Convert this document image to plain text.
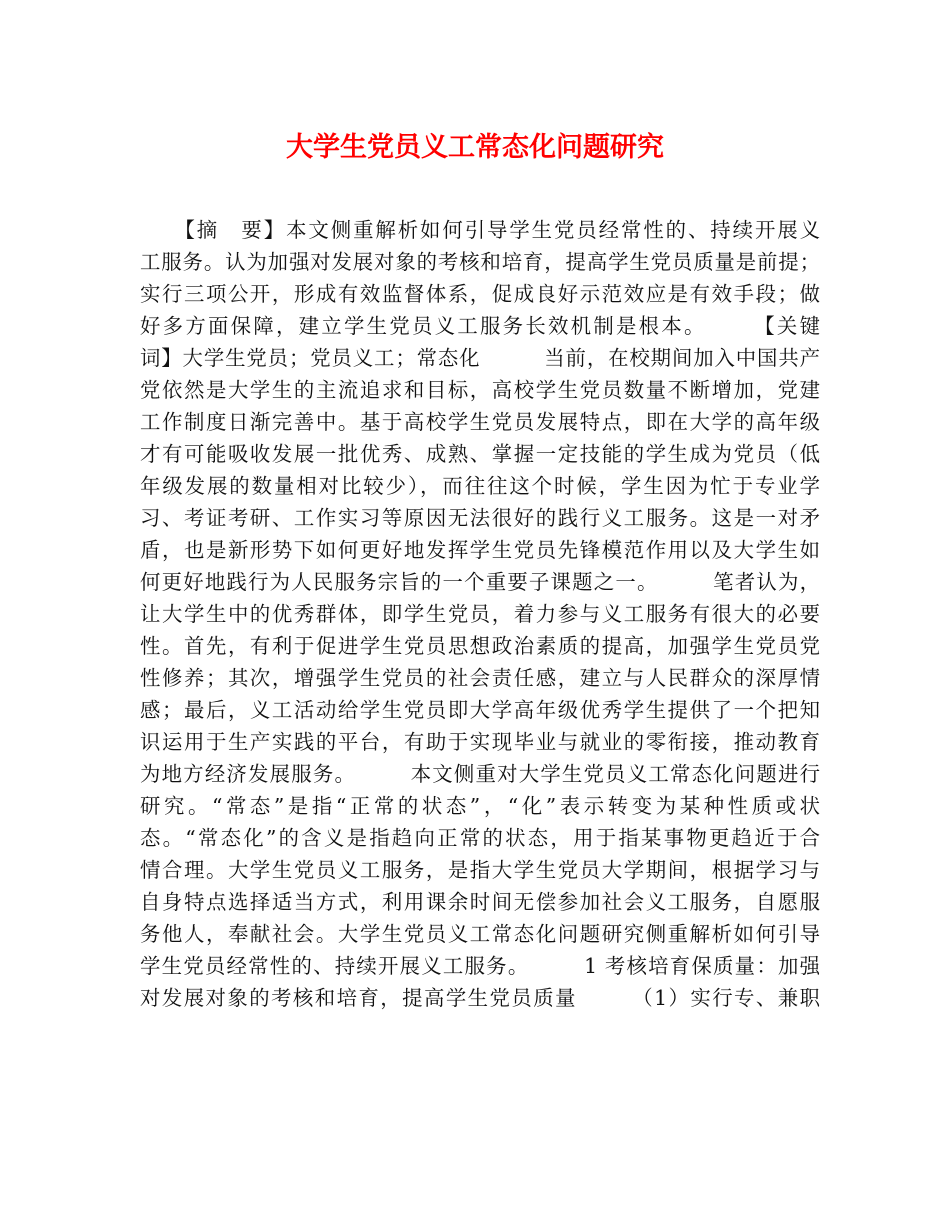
大学生党员义工常态化问题研究
　　【摘　要】本文侧重解析如何引导学生党员经常性的、持续开展义
工服务。认为加强对发展对象的考核和培育，提高学生党员质量是前提；
实行三项公开，形成有效监督体系，促成良好示范效应是有效手段；做
好多方面保障，建立学生党员义工服务长效机制是根本。　　　【关键
词】大学生党员；党员义工；常态化　　　当前，在校期间加入中国共产
党依然是大学生的主流追求和目标，高校学生党员数量不断增加，党建
工作制度日渐完善中。基于高校学生党员发展特点，即在大学的高年级
才有可能吸收发展一批优秀、成熟、掌握一定技能的学生成为党员（低
年级发展的数量相对比较少），而往往这个时候，学生因为忙于专业学
习、考证考研、工作实习等原因无法很好的践行义工服务。这是一对矛
盾，也是新形势下如何更好地发挥学生党员先锋模范作用以及大学生如
何更好地践行为人民服务宗旨的一个重要子课题之一。　　　笔者认为，
让大学生中的优秀群体，即学生党员，着力参与义工服务有很大的必要
性。首先，有利于促进学生党员思想政治素质的提高，加强学生党员党
性修养；其次，增强学生党员的社会责任感，建立与人民群众的深厚情
感；最后，义工活动给学生党员即大学高年级优秀学生提供了一个把知
识运用于生产实践的平台，有助于实现毕业与就业的零衔接，推动教育
为地方经济发展服务。　　　本文侧重对大学生党员义工常态化问题进行
研究。“常态”是指“正常的状态”，“化”表示转变为某种性质或状
态。“常态化”的含义是指趋向正常的状态，用于指某事物更趋近于合
情合理。大学生党员义工服务，是指大学生党员大学期间，根据学习与
自身特点选择适当方式，利用课余时间无偿参加社会义工服务，自愿服
务他人，奉献社会。大学生党员义工常态化问题研究侧重解析如何引导
学生党员经常性的、持续开展义工服务。　　　1 考核培育保质量：加强
对发展对象的考核和培育，提高学生党员质量　　　（1）实行专、兼职
